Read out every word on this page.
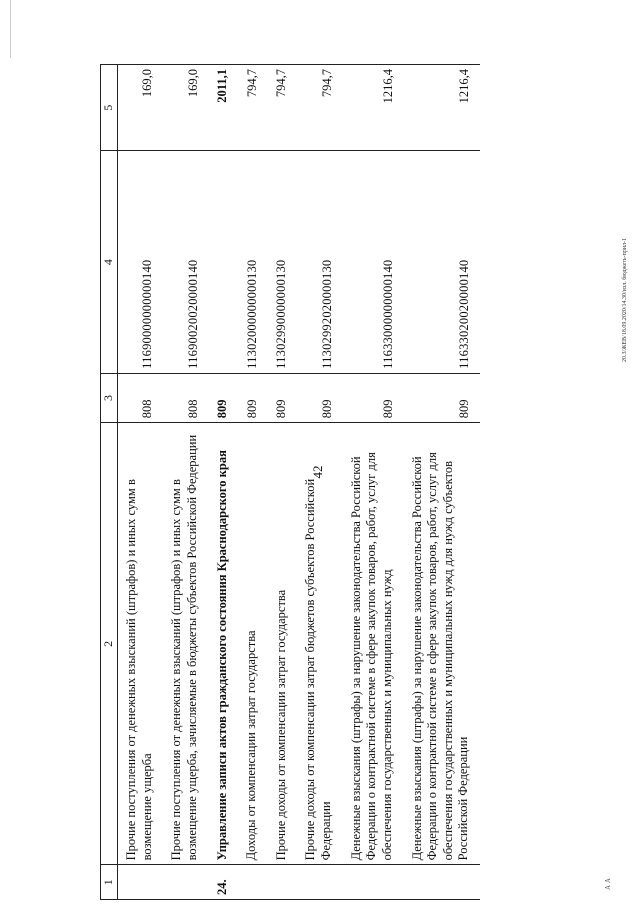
42
20.3/ЖЕВ/18.09.2020/14.30/изл. бюджеть-прил-1
А А
1	2	3	4	5
	Прочие поступления от денежных взысканий (штрафов) и иных сумм в возмещение ущерба	808	11690000000000140	169,0
	Прочие поступления от денежных взысканий (штрафов) и иных сумм в возмещение ущерба, зачисляемые в бюджеты субъектов Российской Федерации	808	11690020020000140	169,0
24.	Управление записи актов гражданского состояния Краснодарского края	809		2011,1
	Доходы от компенсации затрат государства	809	11302000000000130	794,7
	Прочие доходы от компенсации затрат государства	809	11302990000000130	794,7
	Прочие доходы от компенсации затрат бюджетов субъектов Российской Федерации	809	11302992020000130	794,7
	Денежные взыскания (штрафы) за нарушение законодательства Российской Федерации о контрактной системе в сфере закупок товаров, работ, услуг для обеспечения государственных и муниципальных нужд	809	11633000000000140	1216,4
	Денежные взыскания (штрафы) за нарушение законодательства Российской Федерации о контрактной системе в сфере закупок товаров, работ, услуг для обеспечения государственных и муниципальных нужд для нужд субъектов Российской Федерации	809	11633020020000140	1216,4
